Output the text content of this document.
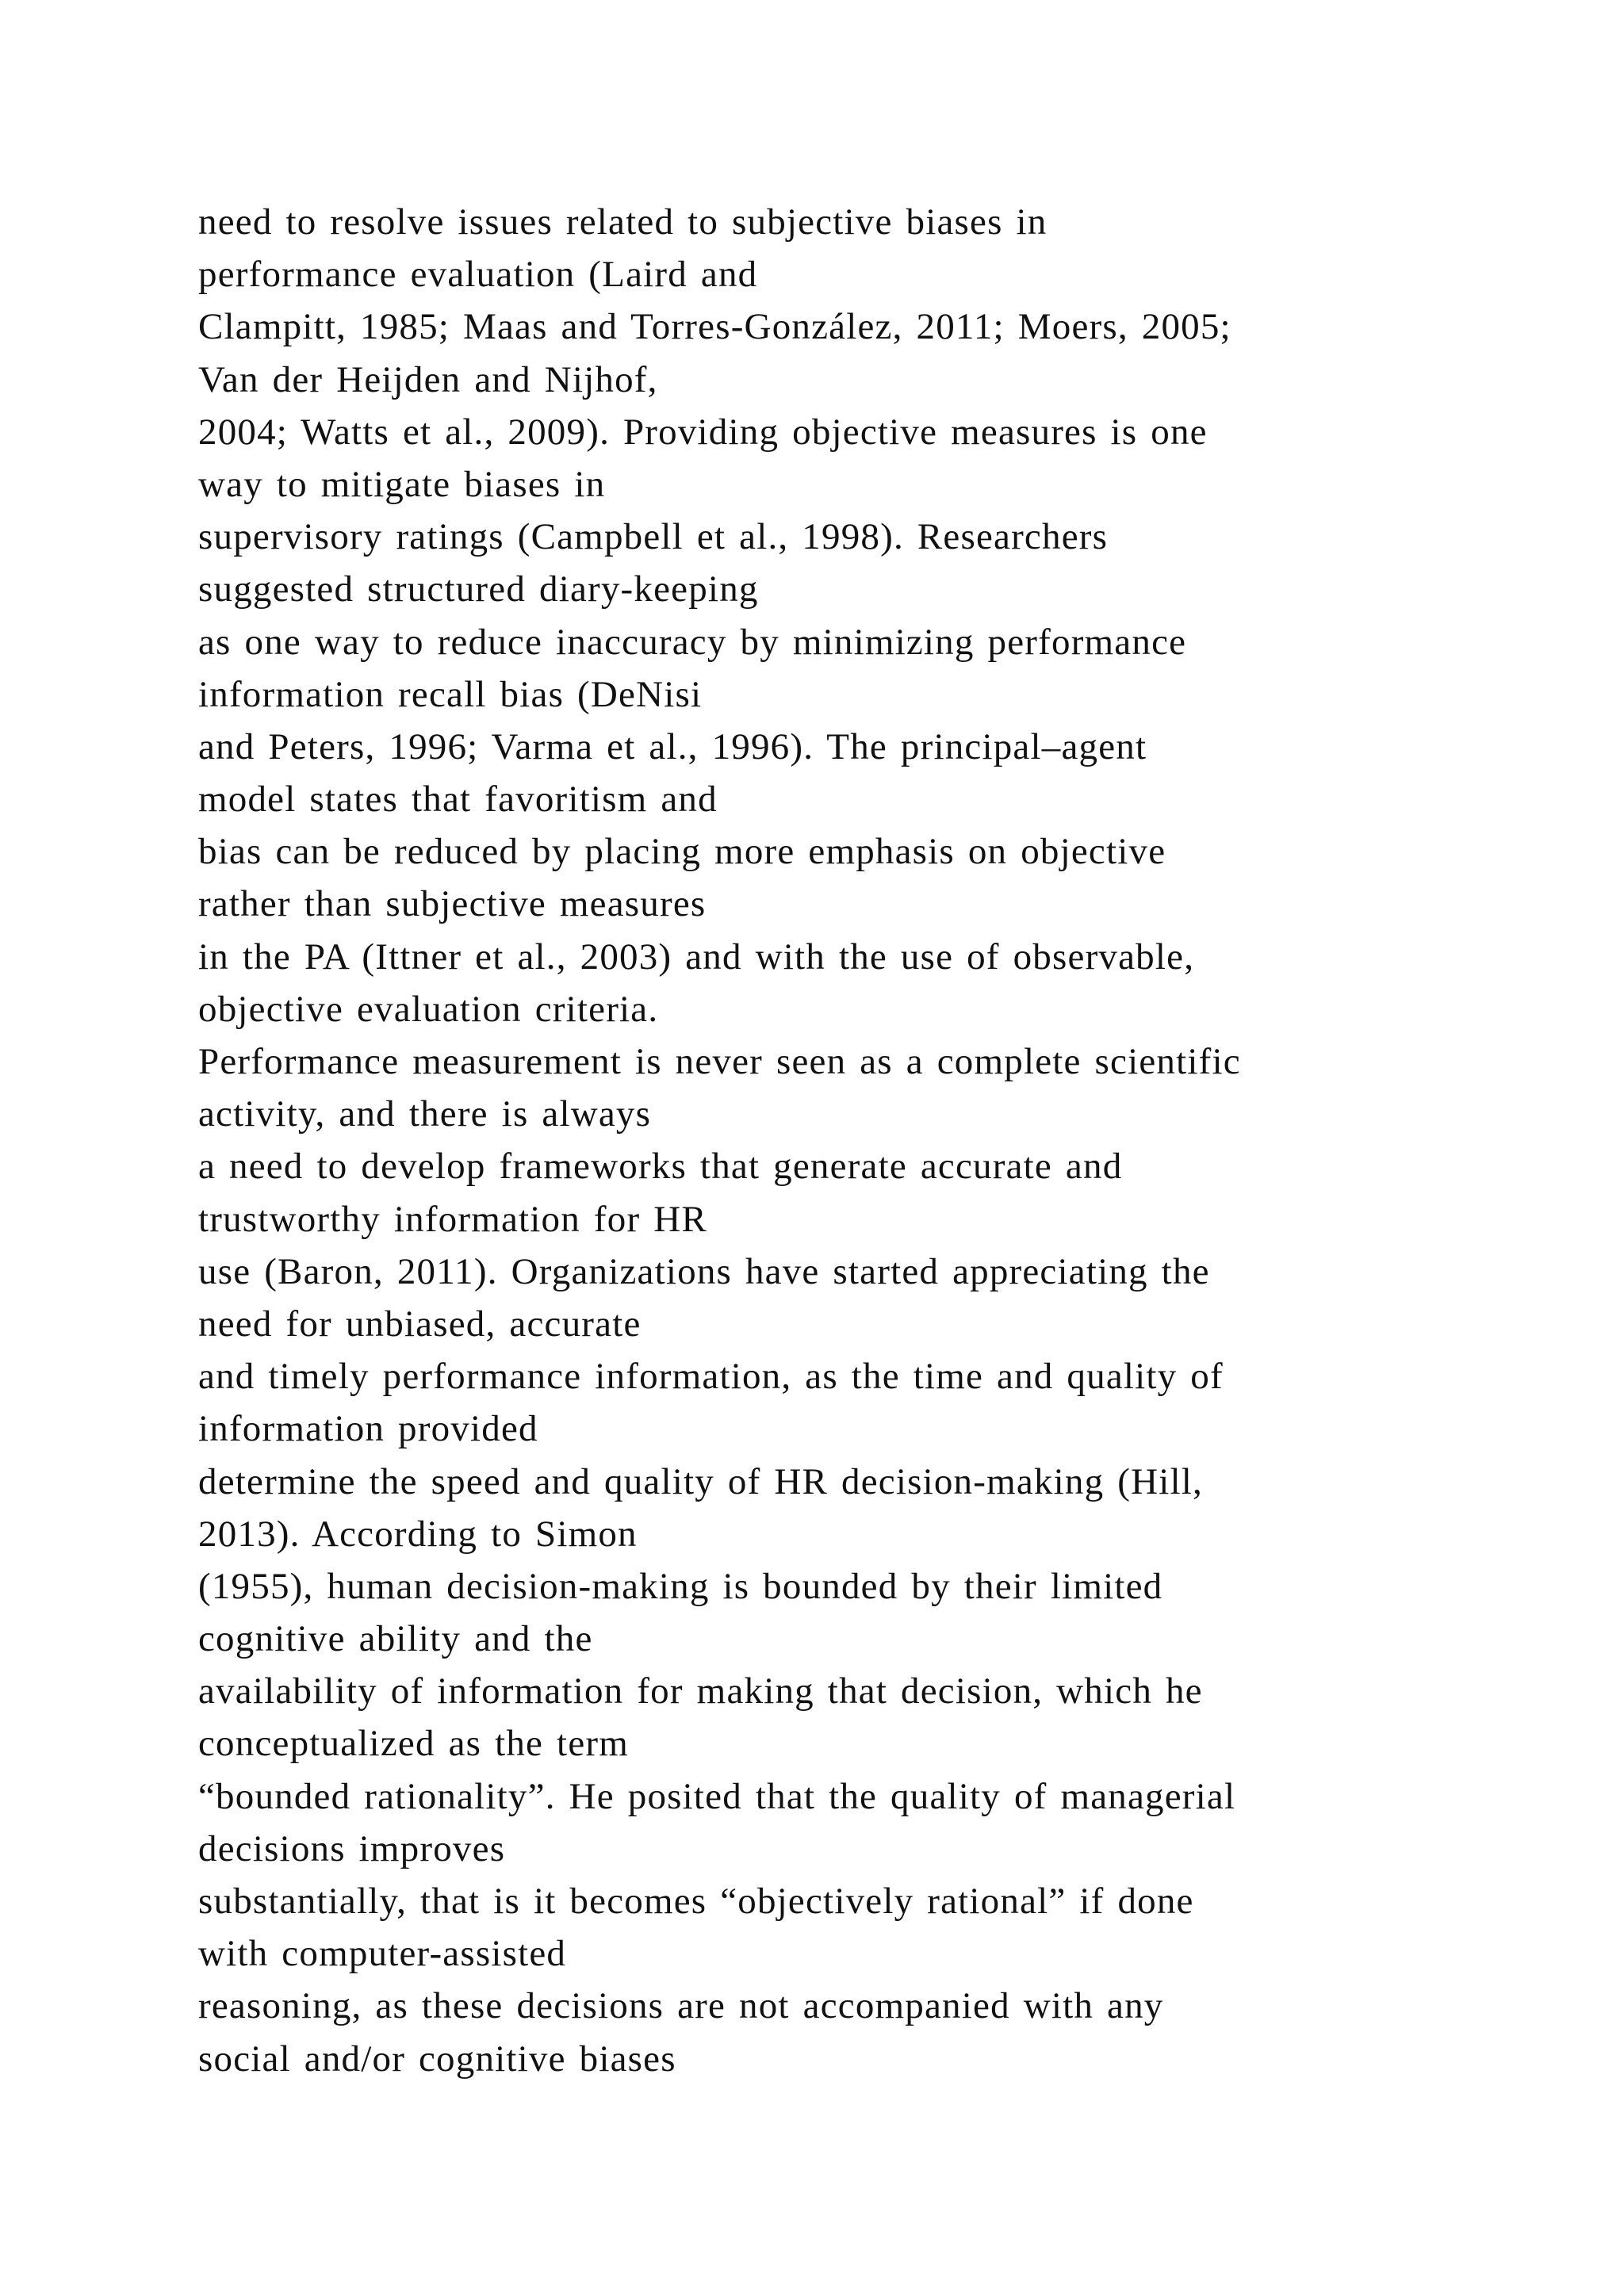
need to resolve issues related to subjective biases in
performance evaluation (Laird and
Clampitt, 1985; Maas and Torres-González, 2011; Moers, 2005;
Van der Heijden and Nijhof,
2004; Watts et al., 2009). Providing objective measures is one
way to mitigate biases in
supervisory ratings (Campbell et al., 1998). Researchers
suggested structured diary-keeping
as one way to reduce inaccuracy by minimizing performance
information recall bias (DeNisi
and Peters, 1996; Varma et al., 1996). The principal–agent
model states that favoritism and
bias can be reduced by placing more emphasis on objective
rather than subjective measures
in the PA (Ittner et al., 2003) and with the use of observable,
objective evaluation criteria.
Performance measurement is never seen as a complete scientific
activity, and there is always
a need to develop frameworks that generate accurate and
trustworthy information for HR
use (Baron, 2011). Organizations have started appreciating the
need for unbiased, accurate
and timely performance information, as the time and quality of
information provided
determine the speed and quality of HR decision-making (Hill,
2013). According to Simon
(1955), human decision-making is bounded by their limited
cognitive ability and the
availability of information for making that decision, which he
conceptualized as the term
“bounded rationality”. He posited that the quality of managerial
decisions improves
substantially, that is it becomes “objectively rational” if done
with computer-assisted
reasoning, as these decisions are not accompanied with any
social and/or cognitive biases
